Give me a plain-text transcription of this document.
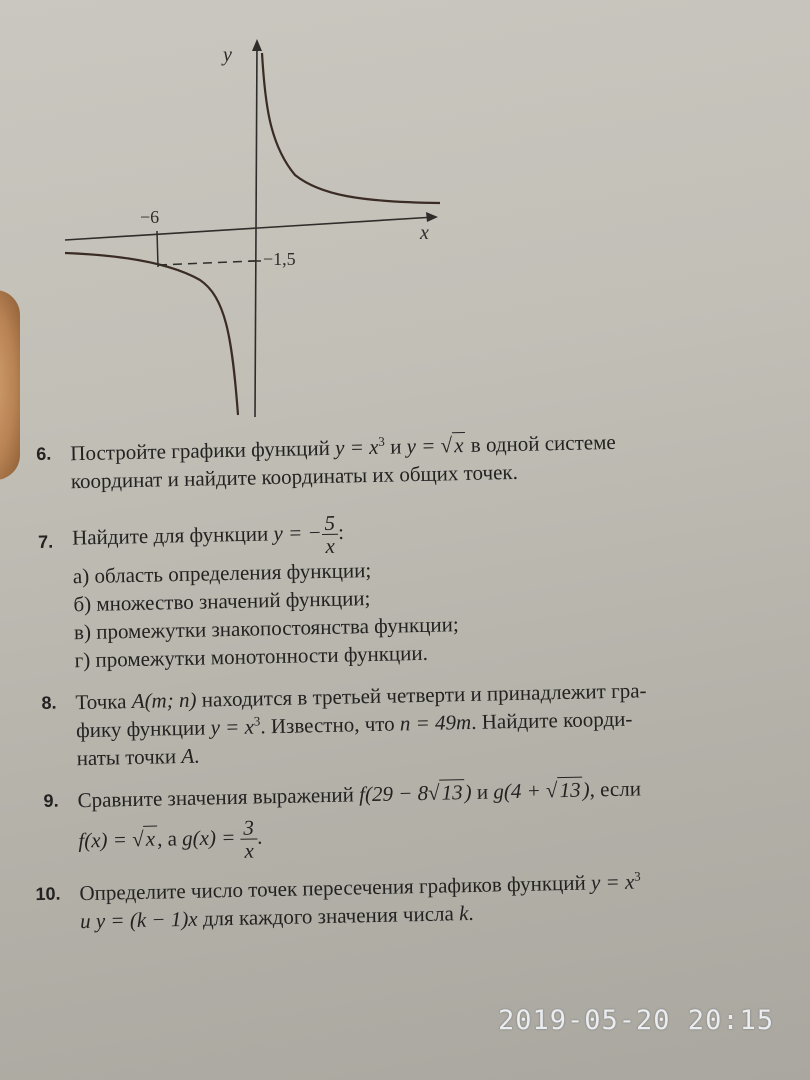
y
x
−6
−1,5
6. Постройте графики функций $y = x^3$ и y = √x в одной системе
координат и найдите координаты их общих точек.
7. Найдите для функции y = − $\frac{5}{x}$ :
а) область определения функции;
б) множество значений функции;
в) промежутки знакопостоянства функции;
г) промежутки монотонности функции.
8. Точка A(m; n) находится в третьей четверти и принадлежит гра-
фику функции $y = x^3$. Известно, что n = 49m. Найдите коорди-
наты точки A.
9. Сравните значения выражений f(29 − 8√13) и g(4 + √13), если
f(x) = √x, а $g(x) = \frac{3}{x}$ .
10. Определите число точек пересечения графиков функций $y = x^3$
и y = (k − 1)x для каждого значения числа k.
2019-05-20 20:15
